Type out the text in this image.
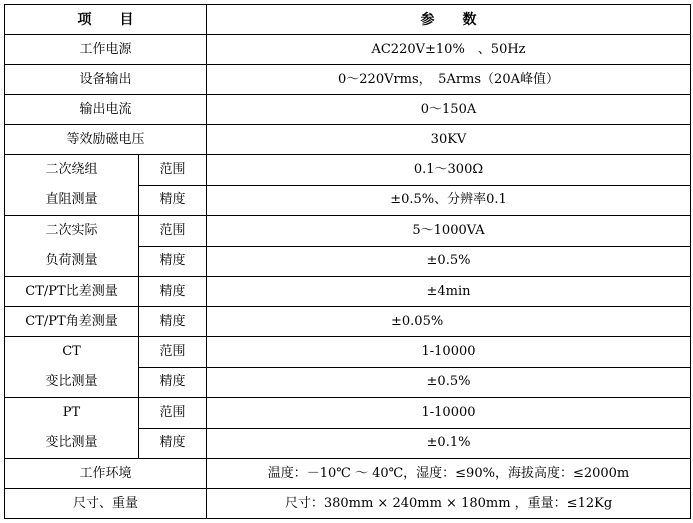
项　　目		参　　数
工作电源		AC220V±10%　、50Hz
设备输出		0～220Vrms，　5Arms（20A峰值）
输出电流		0～150A
等效励磁电压		30KV

二次绕组
直阻测量	范围	0.1～300Ω
	精度	±0.5%、分辨率0.1

二次实际
负荷测量	范围	5～1000VA
	精度	±0.5%
CT/PT比差测量	精度	±4min
CT/PT角差测量	精度	±0.05%

CT
变比测量	范围	1-10000
	精度	±0.5%

PT
变比测量	范围	1-10000
	精度	±0.1%
工作环境		温度：－10℃ ～ 40℃，湿度：≤90%，海拔高度：≤2000m
尺寸、重量		尺寸：380mm × 240mm × 180mm ，重量：≤12Kg
